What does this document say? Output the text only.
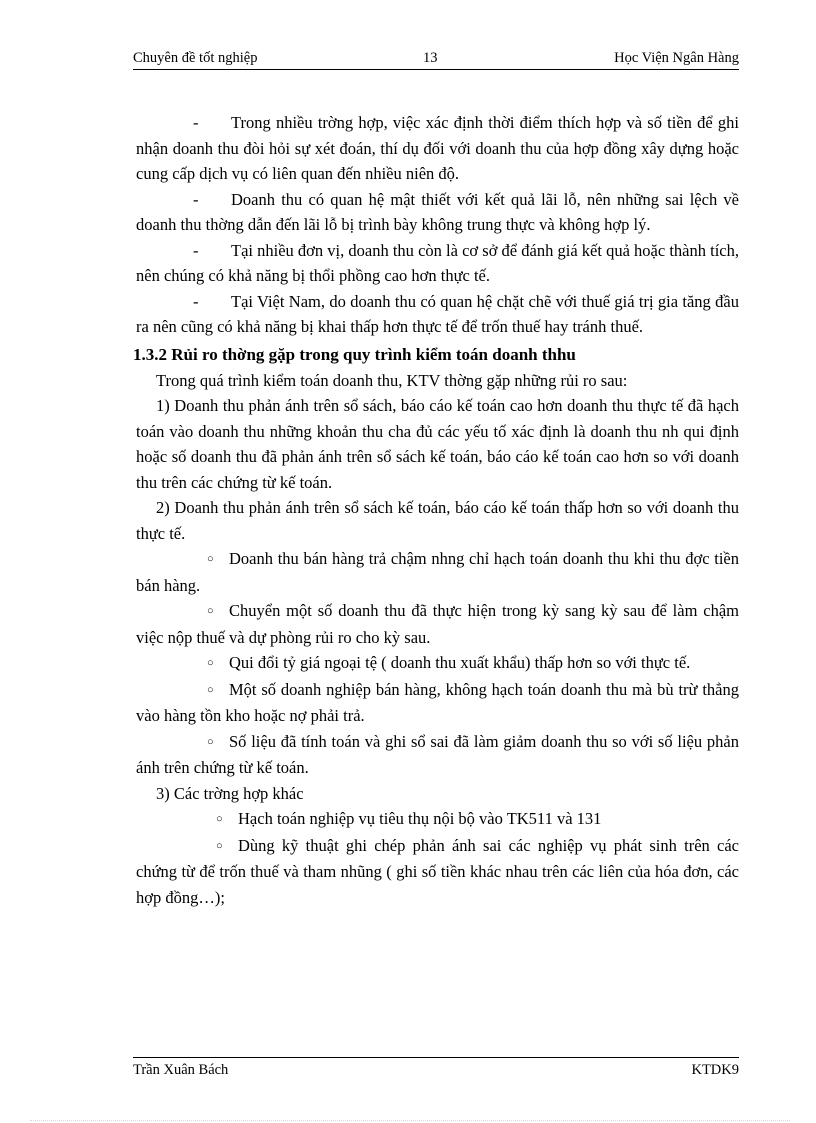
Chuyên đề tốt nghiệp	13	Học Viện Ngân Hàng

- Trong nhiều trờng hợp, việc xác định thời điểm thích hợp và số tiền để ghi nhận doanh thu đòi hỏi sự xét đoán, thí dụ đối với doanh thu của hợp đồng xây dựng hoặc cung cấp dịch vụ có liên quan đến nhiều niên độ.

- Doanh thu có quan hệ mật thiết với kết quả lãi lỗ, nên những sai lệch về doanh thu thờng dẫn đến lãi lỗ bị trình bày không trung thực và không hợp lý.

- Tại nhiều đơn vị, doanh thu còn là cơ sở để đánh giá kết quả hoặc thành tích, nên chúng có khả năng bị thổi phồng cao hơn thực tế.

- Tại Việt Nam, do doanh thu có quan hệ chặt chẽ với thuế giá trị gia tăng đầu ra nên cũng có khả năng bị khai thấp hơn thực tế để trốn thuế hay tránh thuế.

1.3.2 Rủi ro thờng gặp trong quy trình kiểm toán doanh thhu

Trong quá trình kiểm toán doanh thu, KTV thờng gặp những rủi ro sau:

1) Doanh thu phản ánh trên sổ sách, báo cáo kế toán cao hơn doanh thu thực tế đã hạch toán vào doanh thu những khoản thu cha đủ các yếu tố xác định là doanh thu nh qui định hoặc số doanh thu đã phản ánh trên sổ sách kế toán, báo cáo kế toán cao hơn so với doanh thu trên các chứng từ kế toán.

2) Doanh thu phản ánh trên sổ sách kế toán, báo cáo kế toán thấp hơn so với doanh thu thực tế.

○ Doanh thu bán hàng trả chậm nhng chỉ hạch toán doanh thu khi thu đợc tiền bán hàng.

○ Chuyển một số doanh thu đã thực hiện trong kỳ sang kỳ sau để làm chậm việc nộp thuế và dự phòng rủi ro cho kỳ sau.

○ Qui đổi tỷ giá ngoại tệ ( doanh thu xuất khẩu) thấp hơn so với thực tế.

○ Một số doanh nghiệp bán hàng, không hạch toán doanh thu mà bù trừ thẳng vào hàng tồn kho hoặc nợ phải trả.

○ Số liệu đã tính toán và ghi sổ sai đã làm giảm doanh thu so với số liệu phản ánh trên chứng từ kế toán.

3) Các trờng hợp khác

○ Hạch toán nghiệp vụ tiêu thụ nội bộ vào TK511 và 131

○ Dùng kỹ thuật ghi chép phản ánh sai các nghiệp vụ phát sinh trên các chứng từ để trốn thuế và tham nhũng ( ghi số tiền khác nhau trên các liên của hóa đơn, các hợp đồng…);

Trần Xuân Bách	KTDK9
